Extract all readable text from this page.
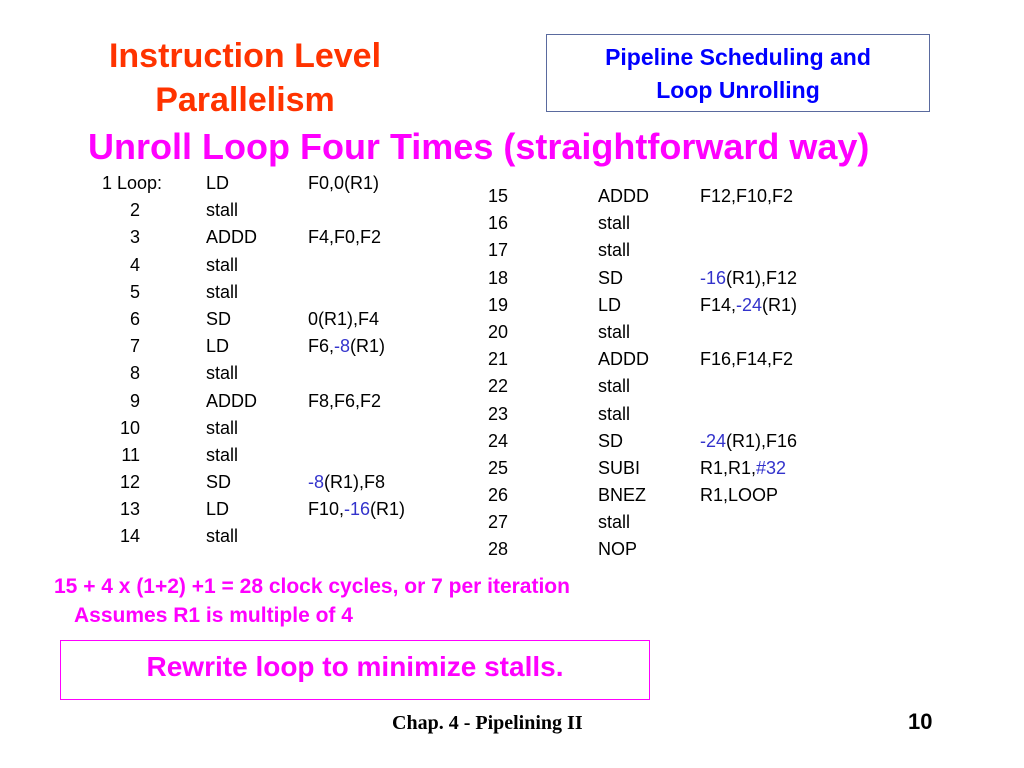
Instruction Level
Parallelism
Pipeline Scheduling and
Loop Unrolling
Unroll Loop Four Times (straightforward way)
1 Loop: LD	F0,0(R1)
2	stall
3	ADDD	F4,F0,F2
4	stall
5	stall
6	SD	0(R1),F4
7	LD	F6,-8(R1)
8	stall
9	ADDD	F8,F6,F2
10	stall
11	stall
12	SD	-8(R1),F8
13	LD	F10,-16(R1)
14	stall
15	ADDD	F12,F10,F2
16	stall
17	stall
18	SD	-16(R1),F12
19	LD	F14,-24(R1)
20	stall
21	ADDD	F16,F14,F2
22	stall
23	stall
24	SD	-24(R1),F16
25	SUBI	R1,R1,#32
26	BNEZ	R1,LOOP
27	stall
28	NOP
15 + 4 x (1+2) +1 = 28 clock cycles, or 7 per iteration
Assumes R1 is multiple of 4
Rewrite loop to minimize stalls.
Chap. 4 - Pipelining II	10
